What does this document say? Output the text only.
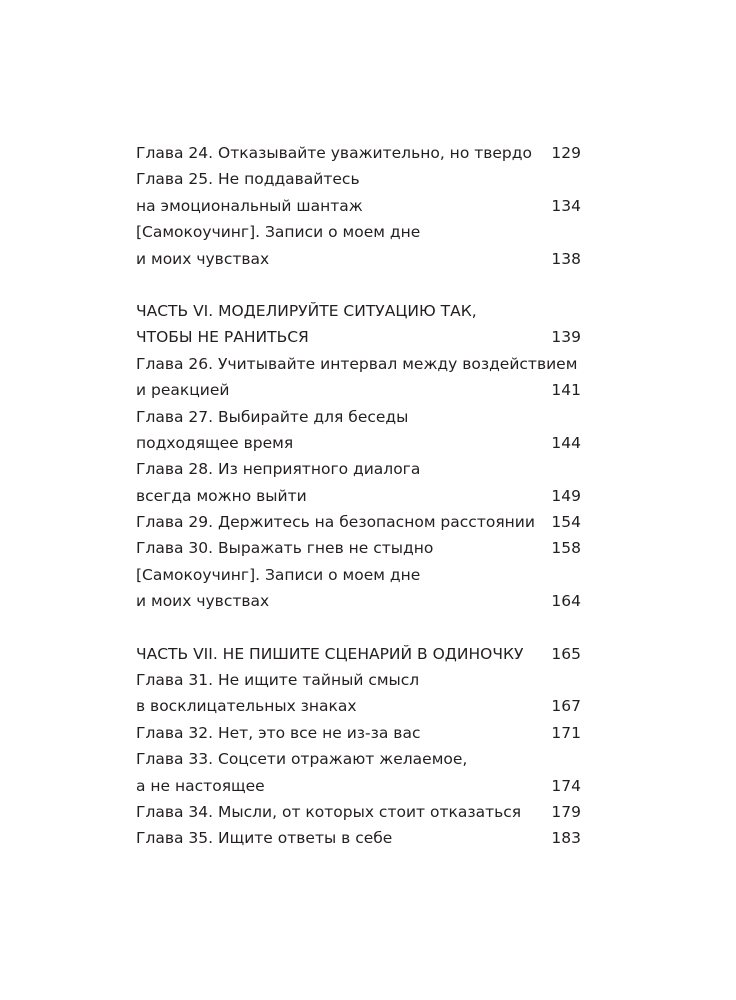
Глава 24. Отказывайте уважительно, но твердо	129
Глава 25. Не поддавайтесь
на эмоциональный шантаж	134
[Самокоучинг]. Записи о моем дне
и моих чувствах	138
ЧАСТЬ VI. МОДЕЛИРУЙТЕ СИТУАЦИЮ ТАК,
ЧТОБЫ НЕ РАНИТЬСЯ	139
Глава 26. Учитывайте интервал между воздействием
и реакцией	141
Глава 27. Выбирайте для беседы
подходящее время	144
Глава 28. Из неприятного диалога
всегда можно выйти	149
Глава 29. Держитесь на безопасном расстоянии	154
Глава 30. Выражать гнев не стыдно	158
[Самокоучинг]. Записи о моем дне
и моих чувствах	164
ЧАСТЬ VII. НЕ ПИШИТЕ СЦЕНАРИЙ В ОДИНОЧКУ	165
Глава 31. Не ищите тайный смысл
в восклицательных знаках	167
Глава 32. Нет, это все не из-за вас	171
Глава 33. Соцсети отражают желаемое,
а не настоящее	174
Глава 34. Мысли, от которых стоит отказаться	179
Глава 35. Ищите ответы в себе	183
